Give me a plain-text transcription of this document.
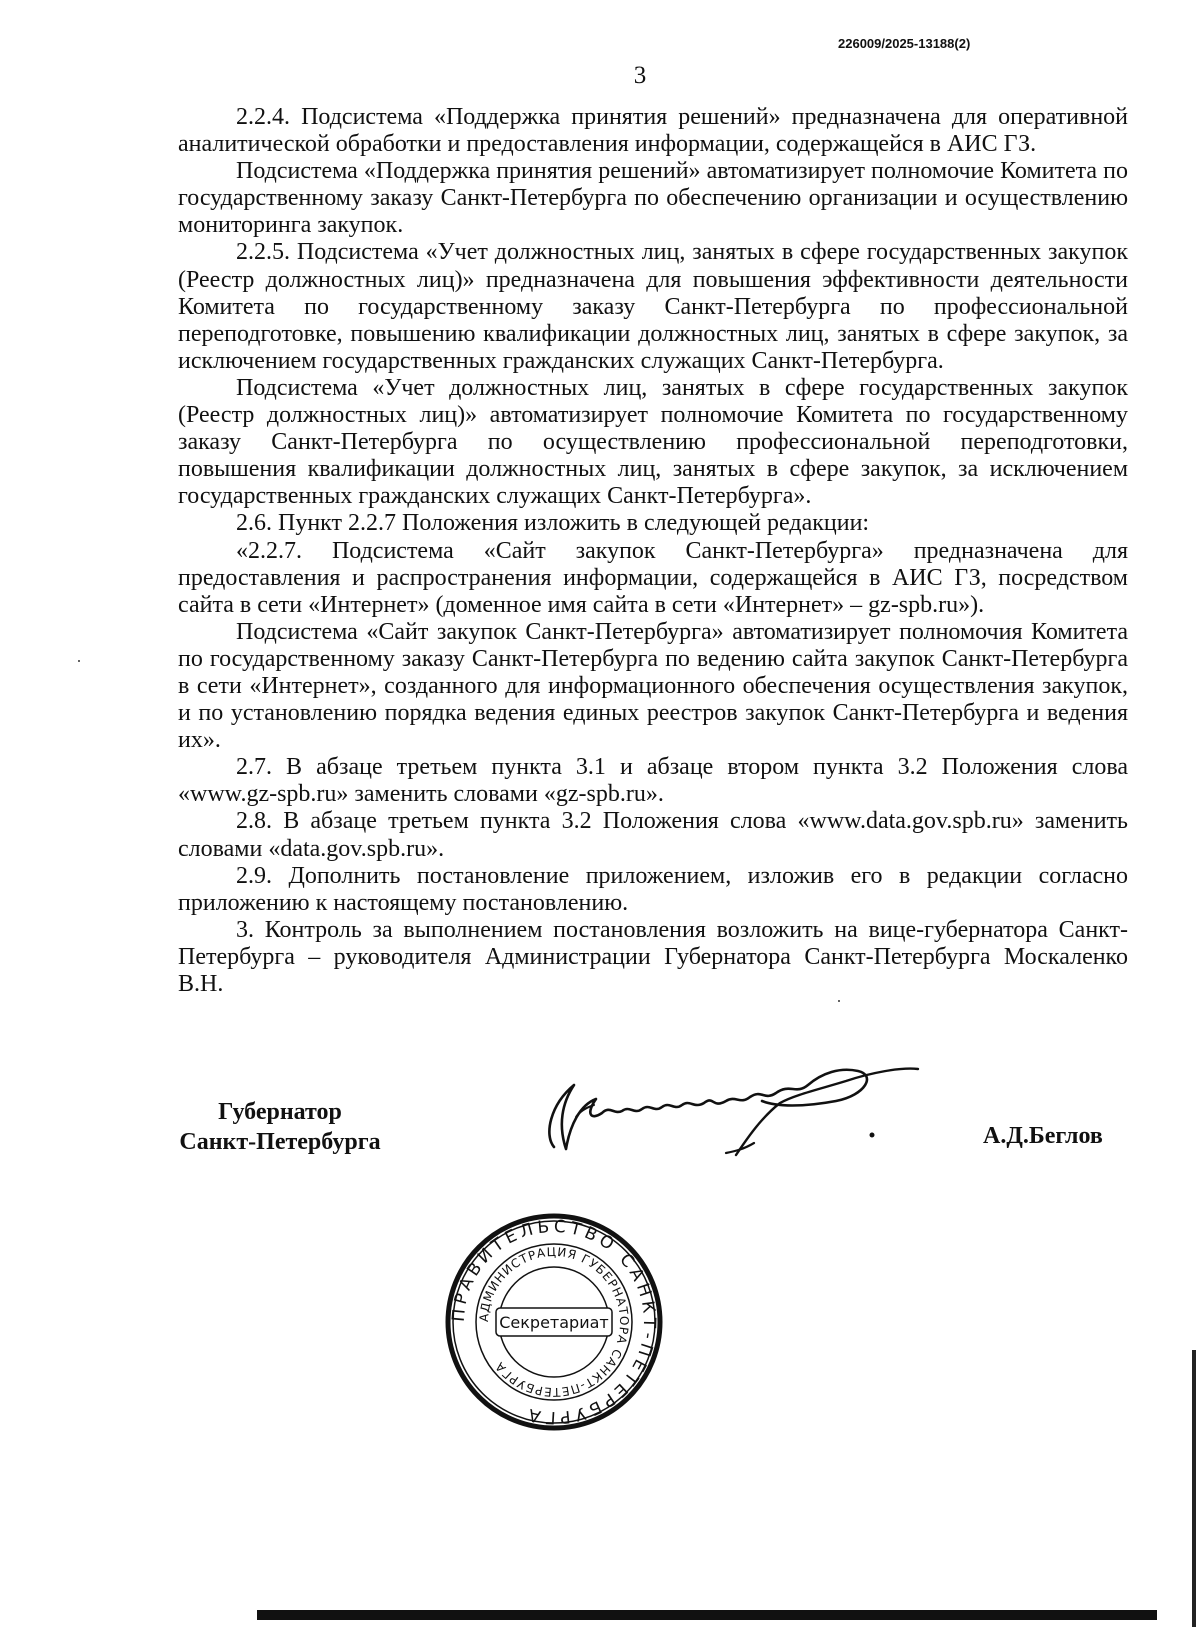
226009/2025-13188(2)
3

2.2.4. Подсистема «Поддержка принятия решений» предназначена для оперативной аналитической обработки и предоставления информации, содержащейся в АИС ГЗ.

Подсистема «Поддержка принятия решений» автоматизирует полномочие Комитета по государственному заказу Санкт-Петербурга по обеспечению организации и осуществлению мониторинга закупок.

2.2.5. Подсистема «Учет должностных лиц, занятых в сфере государственных закупок (Реестр должностных лиц)» предназначена для повышения эффективности деятельности Комитета по государственному заказу Санкт-Петербурга по профессиональной переподготовке, повышению квалификации должностных лиц, занятых в сфере закупок, за исключением государственных гражданских служащих Санкт-Петербурга.

Подсистема «Учет должностных лиц, занятых в сфере государственных закупок (Реестр должностных лиц)» автоматизирует полномочие Комитета по государственному заказу Санкт-Петербурга по осуществлению профессиональной переподготовки, повышения квалификации должностных лиц, занятых в сфере закупок, за исключением государственных гражданских служащих Санкт-Петербурга».

2.6. Пункт 2.2.7 Положения изложить в следующей редакции:

«2.2.7. Подсистема «Сайт закупок Санкт-Петербурга» предназначена для предоставления и распространения информации, содержащейся в АИС ГЗ, посредством сайта в сети «Интернет» (доменное имя сайта в сети «Интернет» – gz-spb.ru»).

Подсистема «Сайт закупок Санкт-Петербурга» автоматизирует полномочия Комитета по государственному заказу Санкт-Петербурга по ведению сайта закупок Санкт-Петербурга в сети «Интернет», созданного для информационного обеспечения осуществления закупок, и по установлению порядка ведения единых реестров закупок Санкт-Петербурга и ведения их».

2.7. В абзаце третьем пункта 3.1 и абзаце втором пункта 3.2 Положения слова «www.gz-spb.ru» заменить словами «gz-spb.ru».

2.8. В абзаце третьем пункта 3.2 Положения слова «www.data.gov.spb.ru» заменить словами «data.gov.spb.ru».

2.9. Дополнить постановление приложением, изложив его в редакции согласно приложению к настоящему постановлению.

3. Контроль за выполнением постановления возложить на вице-губернатора Санкт-Петербурга – руководителя Администрации Губернатора Санкт-Петербурга Москаленко В.Н.

Губернатор
Санкт-Петербурга	А.Д.Беглов
ПРАВИТЕЛЬСТВО САНКТ-ПЕТЕРБУРГА
АДМИНИСТРАЦИЯ ГУБЕРНАТОРА САНКТ-ПЕТЕРБУРГА
Секретариат
